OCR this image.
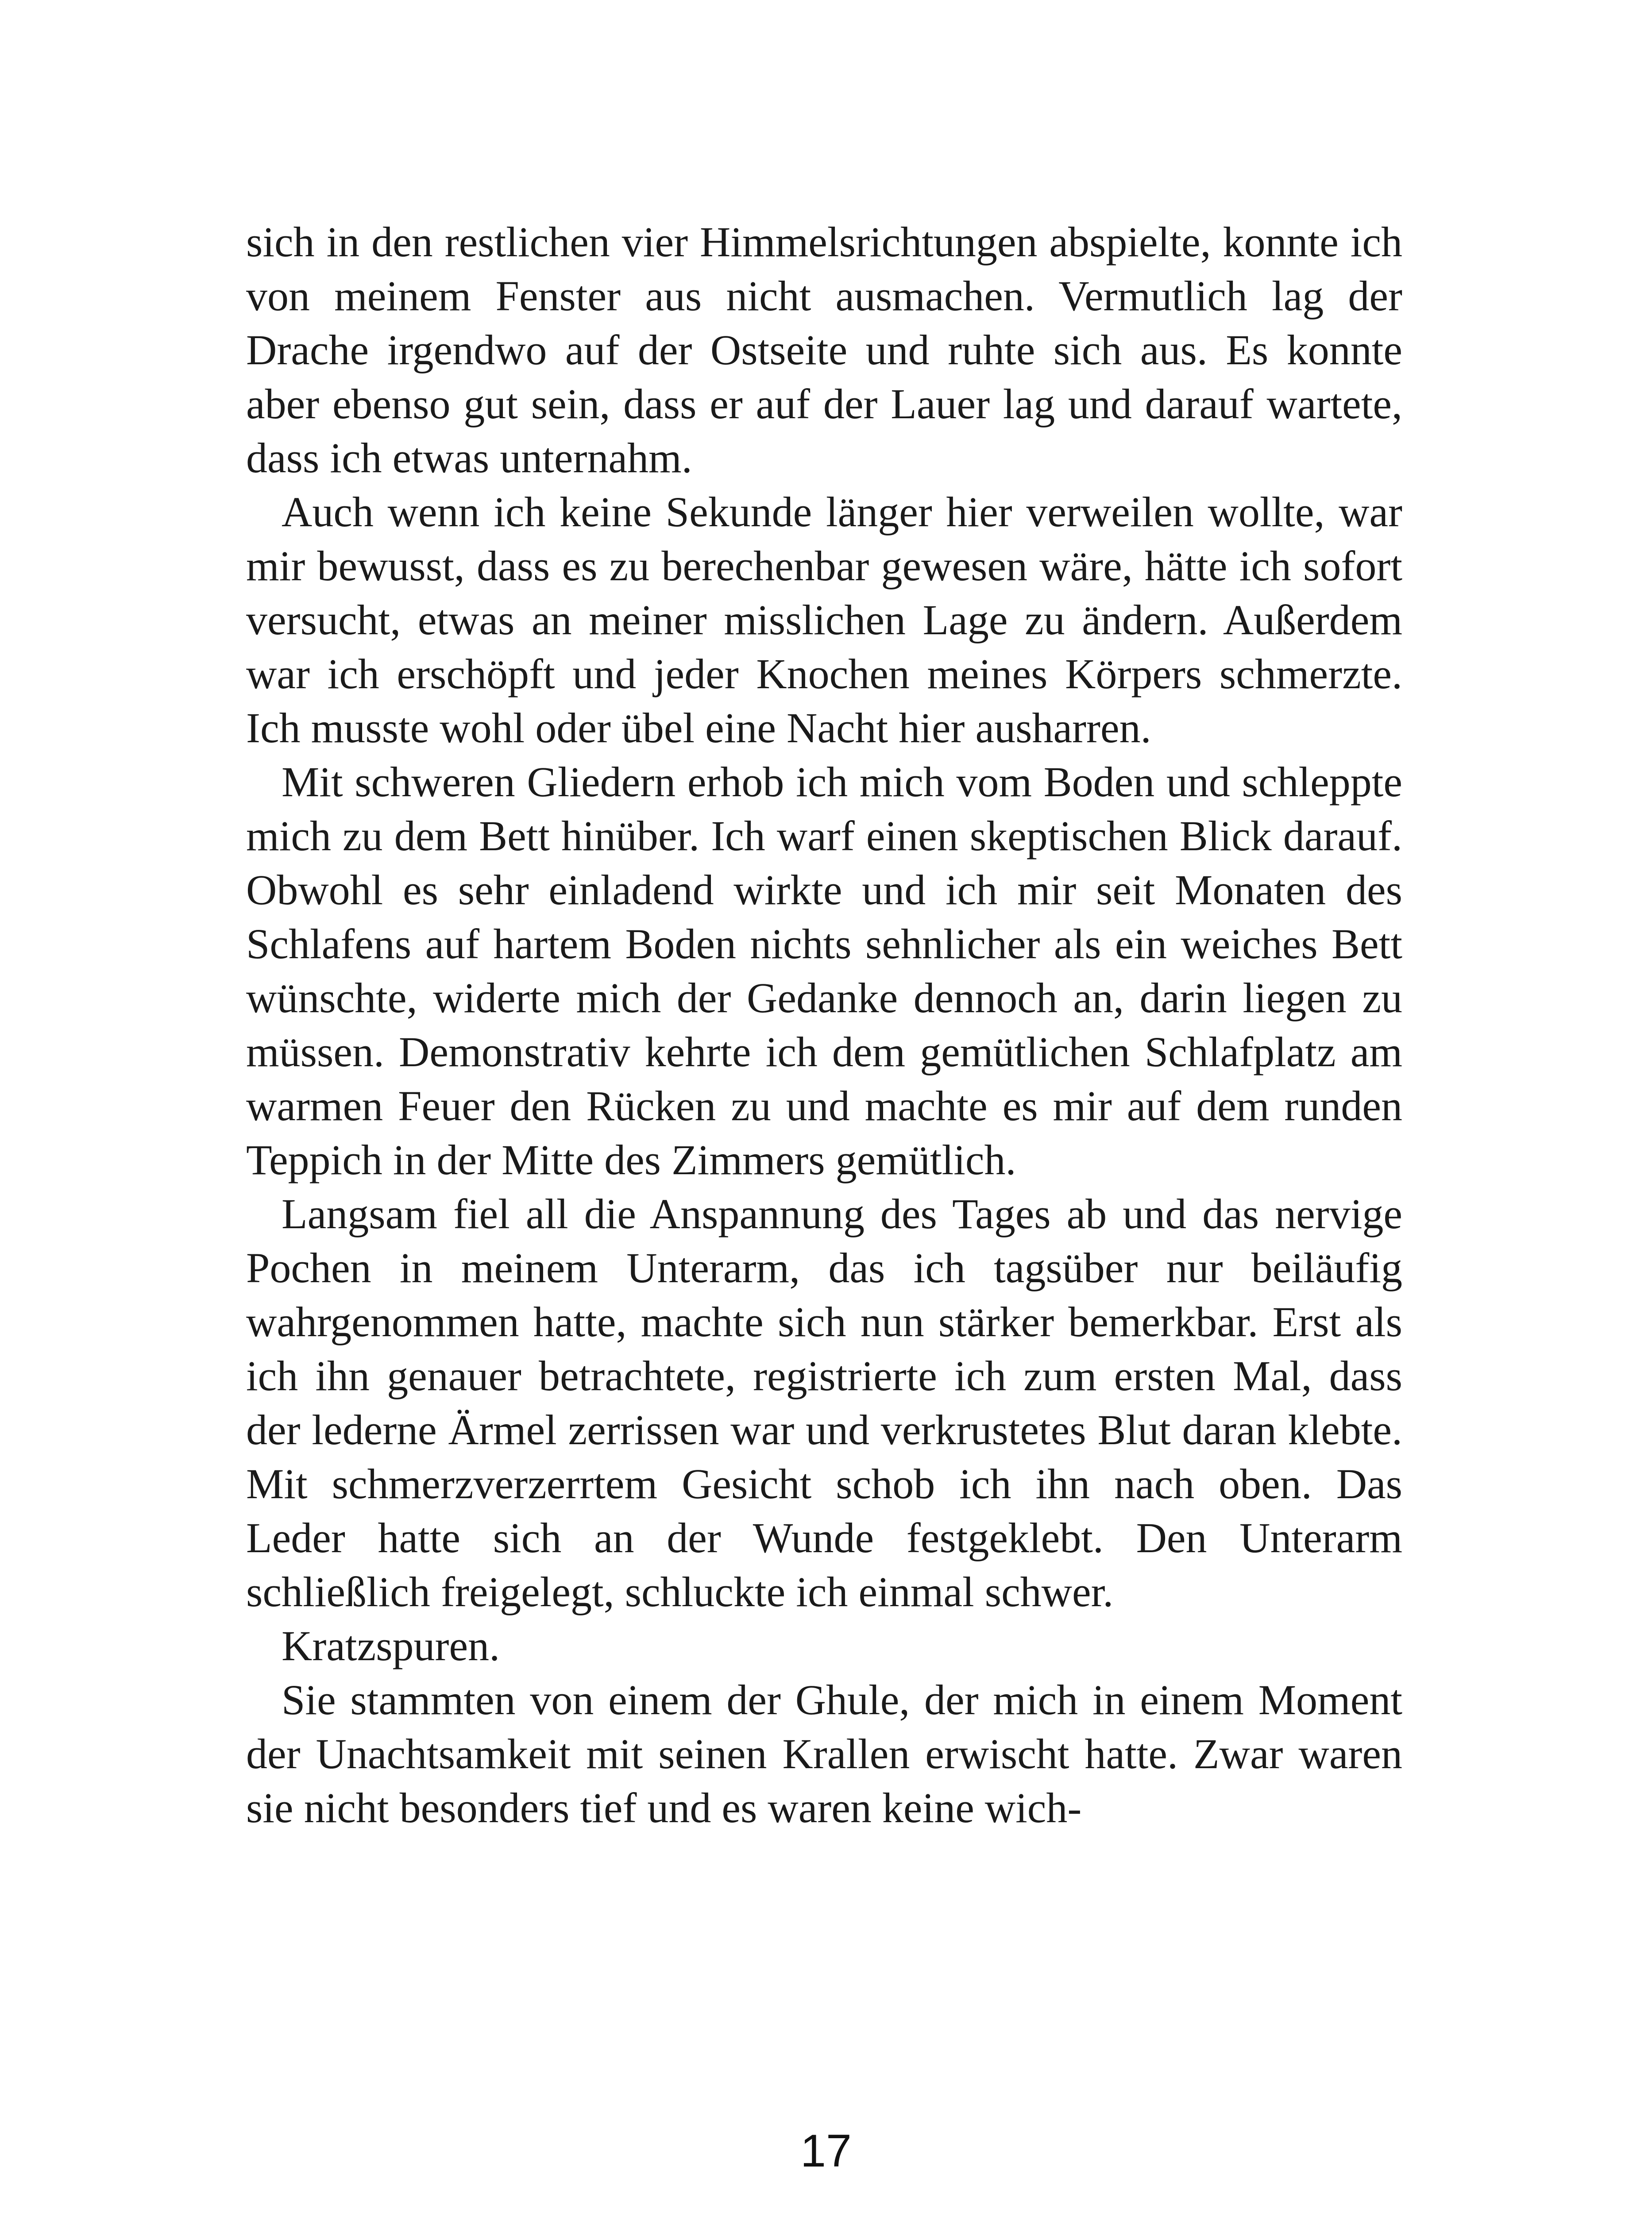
sich in den restlichen vier Himmelsrichtungen abspielte, konnte ich von meinem Fenster aus nicht ausmachen. Vermutlich lag der Drache irgendwo auf der Ostseite und ruhte sich aus. Es konnte aber ebenso gut sein, dass er auf der Lauer lag und darauf wartete, dass ich etwas unternahm.

Auch wenn ich keine Sekunde länger hier verweilen wollte, war mir bewusst, dass es zu berechenbar gewesen wäre, hätte ich sofort versucht, etwas an meiner misslichen Lage zu ändern. Außerdem war ich erschöpft und jeder Knochen meines Körpers schmerzte. Ich musste wohl oder übel eine Nacht hier ausharren.

Mit schweren Gliedern erhob ich mich vom Boden und schleppte mich zu dem Bett hinüber. Ich warf einen skeptischen Blick darauf. Obwohl es sehr einladend wirkte und ich mir seit Monaten des Schlafens auf hartem Boden nichts sehnlicher als ein weiches Bett wünschte, widerte mich der Gedanke dennoch an, darin liegen zu müssen. Demonstrativ kehrte ich dem gemütlichen Schlafplatz am warmen Feuer den Rücken zu und machte es mir auf dem runden Teppich in der Mitte des Zimmers gemütlich.

Langsam fiel all die Anspannung des Tages ab und das nervige Pochen in meinem Unterarm, das ich tagsüber nur beiläufig wahrgenommen hatte, machte sich nun stärker bemerkbar. Erst als ich ihn genauer betrachtete, registrierte ich zum ersten Mal, dass der lederne Ärmel zerrissen war und verkrustetes Blut daran klebte. Mit schmerzverzerrtem Gesicht schob ich ihn nach oben. Das Leder hatte sich an der Wunde festgeklebt. Den Unterarm schließlich freigelegt, schluckte ich einmal schwer.

Kratzspuren.

Sie stammten von einem der Ghule, der mich in einem Moment der Unachtsamkeit mit seinen Krallen erwischt hatte. Zwar waren sie nicht besonders tief und es waren keine wich-

17
